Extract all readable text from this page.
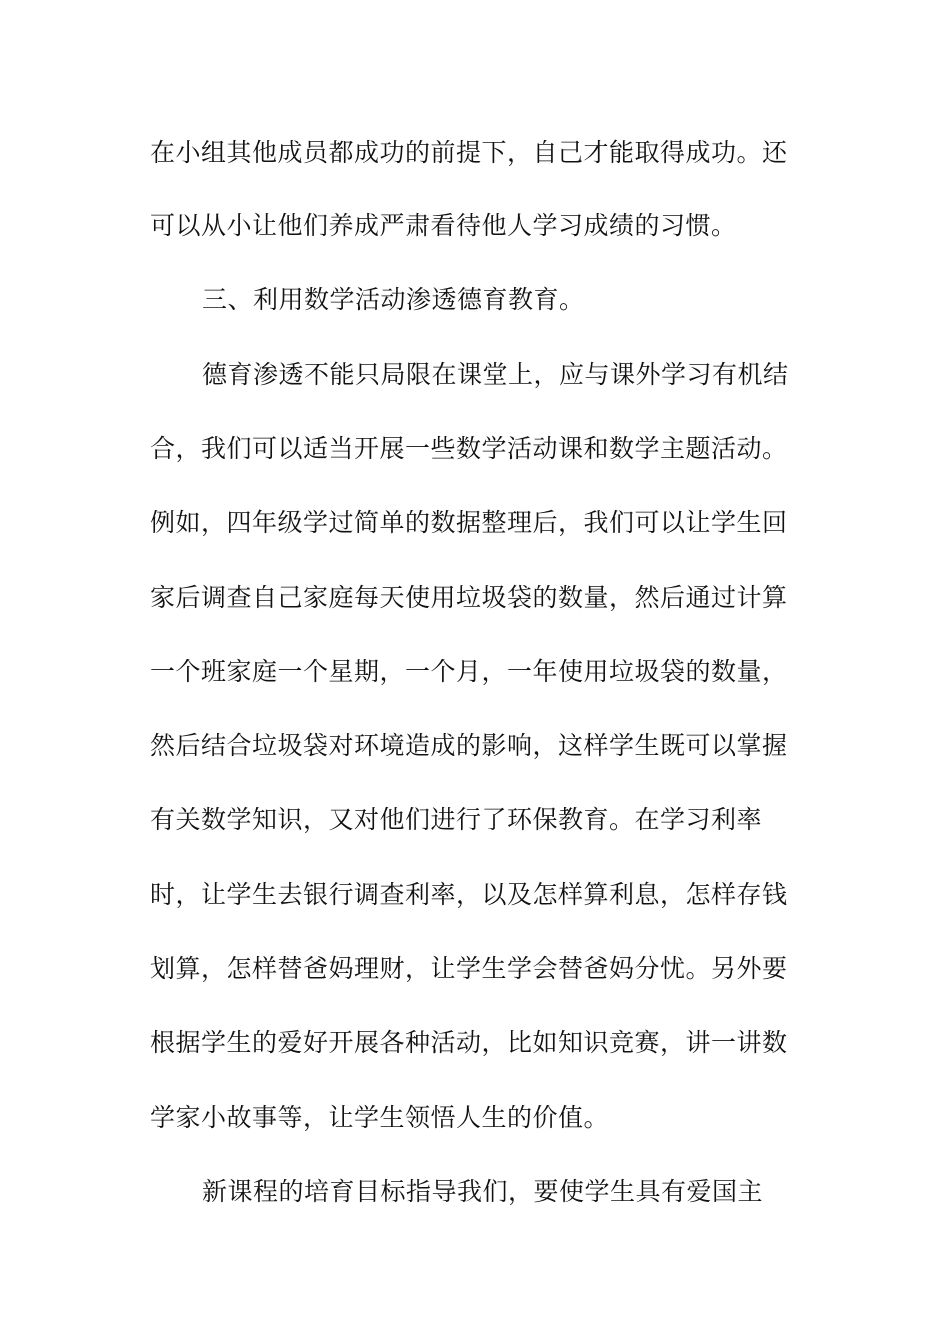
在小组其他成员都成功的前提下，自己才能取得成功。还
可以从小让他们养成严肃看待他人学习成绩的习惯。
三、利用数学活动渗透德育教育。
德育渗透不能只局限在课堂上，应与课外学习有机结
合，我们可以适当开展一些数学活动课和数学主题活动。
例如，四年级学过简单的数据整理后，我们可以让学生回
家后调查自己家庭每天使用垃圾袋的数量，然后通过计算
一个班家庭一个星期，一个月，一年使用垃圾袋的数量，
然后结合垃圾袋对环境造成的影响，这样学生既可以掌握
有关数学知识，又对他们进行了环保教育。在学习利率
时，让学生去银行调查利率，以及怎样算利息，怎样存钱
划算，怎样替爸妈理财，让学生学会替爸妈分忧。另外要
根据学生的爱好开展各种活动，比如知识竞赛，讲一讲数
学家小故事等，让学生领悟人生的价值。
新课程的培育目标指导我们，要使学生具有爱国主
